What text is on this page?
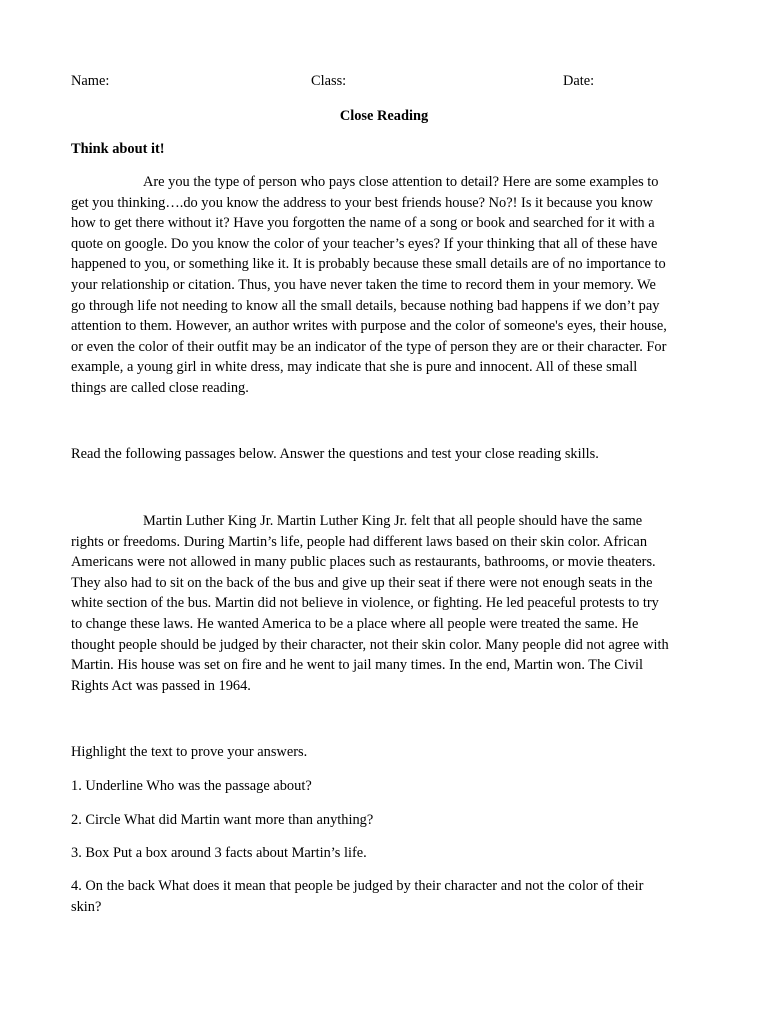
Name:	Class:	Date:
Close Reading
Think about it!
Are you the type of person who pays close attention to detail? Here are some examples to
get you thinking….do you know the address to your best friends house? No?! Is it because you know
how to get there without it? Have you forgotten the name of a song or book and searched for it with a
quote on google. Do you know the color of your teacher’s eyes? If your thinking that all of these have
happened to you, or something like it. It is probably because these small details are of no importance to
your relationship or citation. Thus, you have never taken the time to record them in your memory. We
go through life not needing to know all the small details, because nothing bad happens if we don’t pay
attention to them. However, an author writes with purpose and the color of someone's eyes, their house,
or even the color of their outfit may be an indicator of the type of person they are or their character. For
example, a young girl in white dress, may indicate that she is pure and innocent. All of these small
things are called close reading.
Read the following passages below. Answer the questions and test your close reading skills.
Martin Luther King Jr. Martin Luther King Jr. felt that all people should have the same
rights or freedoms. During Martin’s life, people had different laws based on their skin color. African
Americans were not allowed in many public places such as restaurants, bathrooms, or movie theaters.
They also had to sit on the back of the bus and give up their seat if there were not enough seats in the
white section of the bus. Martin did not believe in violence, or fighting. He led peaceful protests to try
to change these laws. He wanted America to be a place where all people were treated the same. He
thought people should be judged by their character, not their skin color. Many people did not agree with
Martin. His house was set on fire and he went to jail many times. In the end, Martin won. The Civil
Rights Act was passed in 1964.
Highlight the text to prove your answers.
1. Underline Who was the passage about?
2. Circle What did Martin want more than anything?
3. Box Put a box around 3 facts about Martin’s life.
4. On the back What does it mean that people be judged by their character and not the color of their
skin?
